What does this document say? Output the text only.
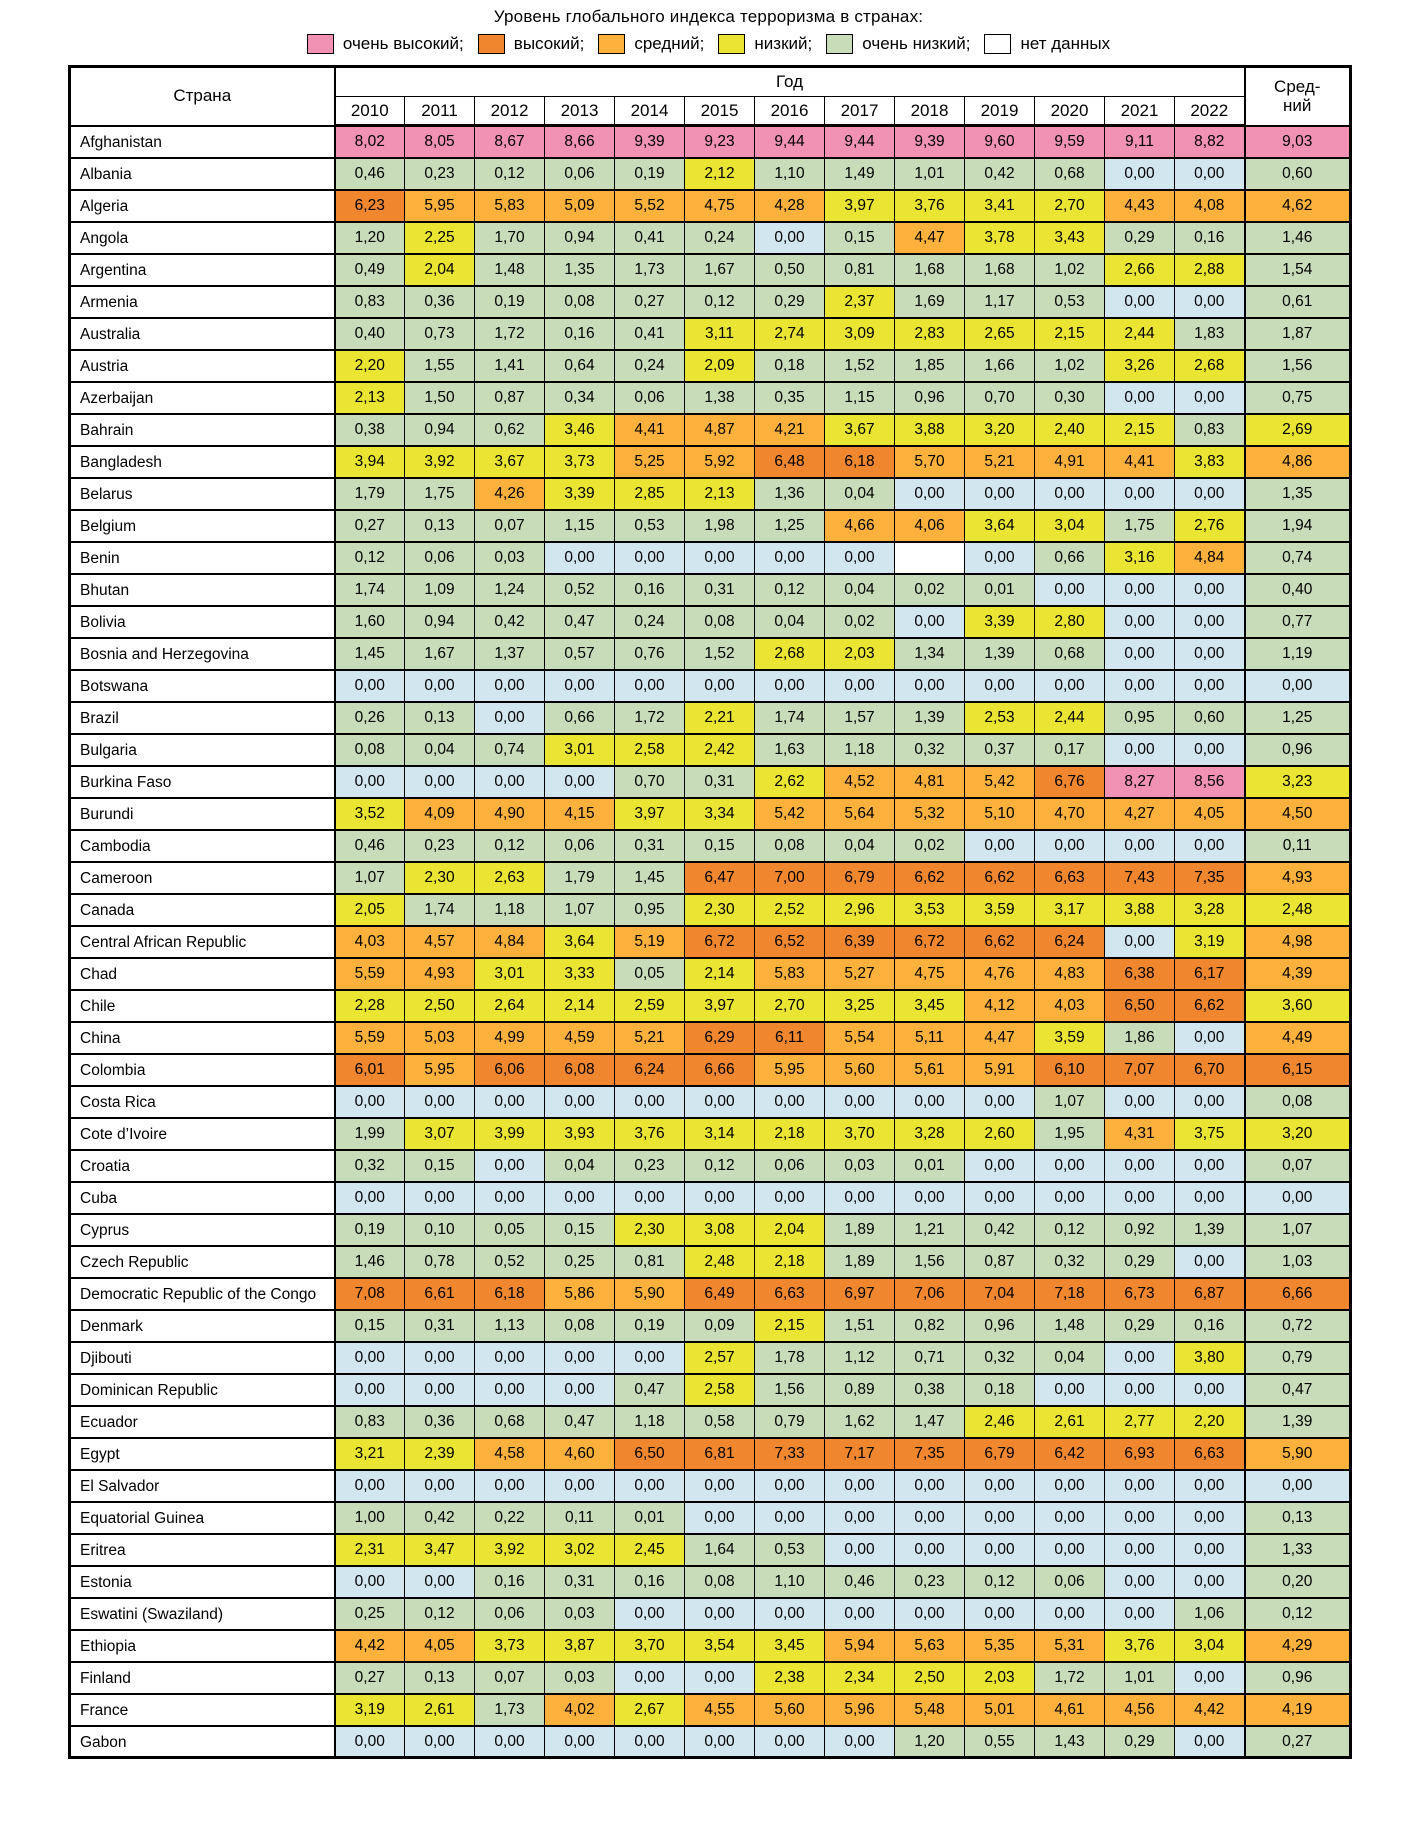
Уровень глобального индекса терроризма в странах:
очень высокий;	высокий;	средний;	низкий;	очень низкий;	нет данных
Страна	Год													Сред-
ний
	2010	2011	2012	2013	2014	2015	2016	2017	2018	2019	2020	2021	2022	
Afghanistan	8,02	8,05	8,67	8,66	9,39	9,23	9,44	9,44	9,39	9,60	9,59	9,11	8,82	9,03
Albania	0,46	0,23	0,12	0,06	0,19	2,12	1,10	1,49	1,01	0,42	0,68	0,00	0,00	0,60
Algeria	6,23	5,95	5,83	5,09	5,52	4,75	4,28	3,97	3,76	3,41	2,70	4,43	4,08	4,62
Angola	1,20	2,25	1,70	0,94	0,41	0,24	0,00	0,15	4,47	3,78	3,43	0,29	0,16	1,46
Argentina	0,49	2,04	1,48	1,35	1,73	1,67	0,50	0,81	1,68	1,68	1,02	2,66	2,88	1,54
Armenia	0,83	0,36	0,19	0,08	0,27	0,12	0,29	2,37	1,69	1,17	0,53	0,00	0,00	0,61
Australia	0,40	0,73	1,72	0,16	0,41	3,11	2,74	3,09	2,83	2,65	2,15	2,44	1,83	1,87
Austria	2,20	1,55	1,41	0,64	0,24	2,09	0,18	1,52	1,85	1,66	1,02	3,26	2,68	1,56
Azerbaijan	2,13	1,50	0,87	0,34	0,06	1,38	0,35	1,15	0,96	0,70	0,30	0,00	0,00	0,75
Bahrain	0,38	0,94	0,62	3,46	4,41	4,87	4,21	3,67	3,88	3,20	2,40	2,15	0,83	2,69
Bangladesh	3,94	3,92	3,67	3,73	5,25	5,92	6,48	6,18	5,70	5,21	4,91	4,41	3,83	4,86
Belarus	1,79	1,75	4,26	3,39	2,85	2,13	1,36	0,04	0,00	0,00	0,00	0,00	0,00	1,35
Belgium	0,27	0,13	0,07	1,15	0,53	1,98	1,25	4,66	4,06	3,64	3,04	1,75	2,76	1,94
Benin	0,12	0,06	0,03	0,00	0,00	0,00	0,00	0,00		0,00	0,66	3,16	4,84	0,74
Bhutan	1,74	1,09	1,24	0,52	0,16	0,31	0,12	0,04	0,02	0,01	0,00	0,00	0,00	0,40
Bolivia	1,60	0,94	0,42	0,47	0,24	0,08	0,04	0,02	0,00	3,39	2,80	0,00	0,00	0,77
Bosnia and Herzegovina	1,45	1,67	1,37	0,57	0,76	1,52	2,68	2,03	1,34	1,39	0,68	0,00	0,00	1,19
Botswana	0,00	0,00	0,00	0,00	0,00	0,00	0,00	0,00	0,00	0,00	0,00	0,00	0,00	0,00
Brazil	0,26	0,13	0,00	0,66	1,72	2,21	1,74	1,57	1,39	2,53	2,44	0,95	0,60	1,25
Bulgaria	0,08	0,04	0,74	3,01	2,58	2,42	1,63	1,18	0,32	0,37	0,17	0,00	0,00	0,96
Burkina Faso	0,00	0,00	0,00	0,00	0,70	0,31	2,62	4,52	4,81	5,42	6,76	8,27	8,56	3,23
Burundi	3,52	4,09	4,90	4,15	3,97	3,34	5,42	5,64	5,32	5,10	4,70	4,27	4,05	4,50
Cambodia	0,46	0,23	0,12	0,06	0,31	0,15	0,08	0,04	0,02	0,00	0,00	0,00	0,00	0,11
Cameroon	1,07	2,30	2,63	1,79	1,45	6,47	7,00	6,79	6,62	6,62	6,63	7,43	7,35	4,93
Canada	2,05	1,74	1,18	1,07	0,95	2,30	2,52	2,96	3,53	3,59	3,17	3,88	3,28	2,48
Central African Republic	4,03	4,57	4,84	3,64	5,19	6,72	6,52	6,39	6,72	6,62	6,24	0,00	3,19	4,98
Chad	5,59	4,93	3,01	3,33	0,05	2,14	5,83	5,27	4,75	4,76	4,83	6,38	6,17	4,39
Chile	2,28	2,50	2,64	2,14	2,59	3,97	2,70	3,25	3,45	4,12	4,03	6,50	6,62	3,60
China	5,59	5,03	4,99	4,59	5,21	6,29	6,11	5,54	5,11	4,47	3,59	1,86	0,00	4,49
Colombia	6,01	5,95	6,06	6,08	6,24	6,66	5,95	5,60	5,61	5,91	6,10	7,07	6,70	6,15
Costa Rica	0,00	0,00	0,00	0,00	0,00	0,00	0,00	0,00	0,00	0,00	1,07	0,00	0,00	0,08
Cote d’Ivoire	1,99	3,07	3,99	3,93	3,76	3,14	2,18	3,70	3,28	2,60	1,95	4,31	3,75	3,20
Croatia	0,32	0,15	0,00	0,04	0,23	0,12	0,06	0,03	0,01	0,00	0,00	0,00	0,00	0,07
Cuba	0,00	0,00	0,00	0,00	0,00	0,00	0,00	0,00	0,00	0,00	0,00	0,00	0,00	0,00
Cyprus	0,19	0,10	0,05	0,15	2,30	3,08	2,04	1,89	1,21	0,42	0,12	0,92	1,39	1,07
Czech Republic	1,46	0,78	0,52	0,25	0,81	2,48	2,18	1,89	1,56	0,87	0,32	0,29	0,00	1,03
Democratic Republic of the Congo	7,08	6,61	6,18	5,86	5,90	6,49	6,63	6,97	7,06	7,04	7,18	6,73	6,87	6,66
Denmark	0,15	0,31	1,13	0,08	0,19	0,09	2,15	1,51	0,82	0,96	1,48	0,29	0,16	0,72
Djibouti	0,00	0,00	0,00	0,00	0,00	2,57	1,78	1,12	0,71	0,32	0,04	0,00	3,80	0,79
Dominican Republic	0,00	0,00	0,00	0,00	0,47	2,58	1,56	0,89	0,38	0,18	0,00	0,00	0,00	0,47
Ecuador	0,83	0,36	0,68	0,47	1,18	0,58	0,79	1,62	1,47	2,46	2,61	2,77	2,20	1,39
Egypt	3,21	2,39	4,58	4,60	6,50	6,81	7,33	7,17	7,35	6,79	6,42	6,93	6,63	5,90
El Salvador	0,00	0,00	0,00	0,00	0,00	0,00	0,00	0,00	0,00	0,00	0,00	0,00	0,00	0,00
Equatorial Guinea	1,00	0,42	0,22	0,11	0,01	0,00	0,00	0,00	0,00	0,00	0,00	0,00	0,00	0,13
Eritrea	2,31	3,47	3,92	3,02	2,45	1,64	0,53	0,00	0,00	0,00	0,00	0,00	0,00	1,33
Estonia	0,00	0,00	0,16	0,31	0,16	0,08	1,10	0,46	0,23	0,12	0,06	0,00	0,00	0,20
Eswatini (Swaziland)	0,25	0,12	0,06	0,03	0,00	0,00	0,00	0,00	0,00	0,00	0,00	0,00	1,06	0,12
Ethiopia	4,42	4,05	3,73	3,87	3,70	3,54	3,45	5,94	5,63	5,35	5,31	3,76	3,04	4,29
Finland	0,27	0,13	0,07	0,03	0,00	0,00	2,38	2,34	2,50	2,03	1,72	1,01	0,00	0,96
France	3,19	2,61	1,73	4,02	2,67	4,55	5,60	5,96	5,48	5,01	4,61	4,56	4,42	4,19
Gabon	0,00	0,00	0,00	0,00	0,00	0,00	0,00	0,00	1,20	0,55	1,43	0,29	0,00	0,27
